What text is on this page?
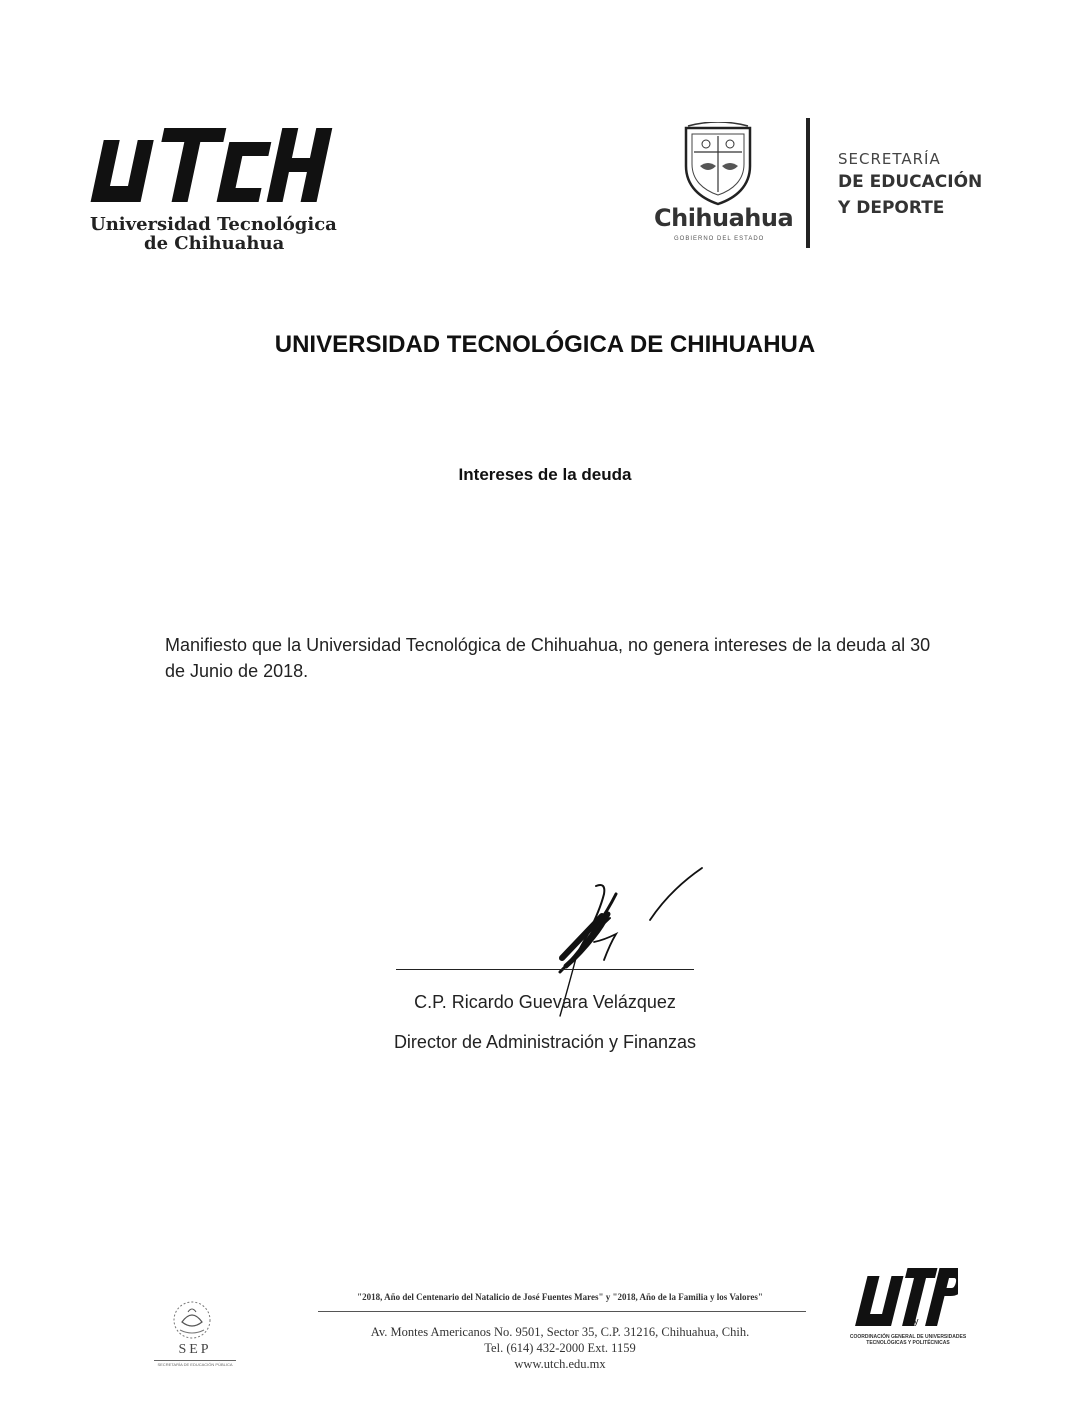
Universidad Tecnológica
de Chihuahua
Chihuahua
GOBIERNO DEL ESTADO
SECRETARÍA
DE EDUCACIÓN
Y DEPORTE
UNIVERSIDAD TECNOLÓGICA DE CHIHUAHUA
Intereses de la deuda
Manifiesto que la Universidad Tecnológica de Chihuahua, no genera intereses de la deuda al 30 de Junio de 2018.
C.P. Ricardo Guevara Velázquez
Director de Administración y Finanzas
SEP
SECRETARÍA DE EDUCACIÓN PÚBLICA
"2018, Año del Centenario del Natalicio de José Fuentes Mares" y "2018, Año de la Familia y los Valores"
Av. Montes Americanos No. 9501, Sector 35, C.P. 31216, Chihuahua, Chih.
Tel. (614) 432-2000 Ext. 1159
www.utch.edu.mx
y
COORDINACIÓN GENERAL DE UNIVERSIDADES TECNOLÓGICAS Y POLITÉCNICAS
